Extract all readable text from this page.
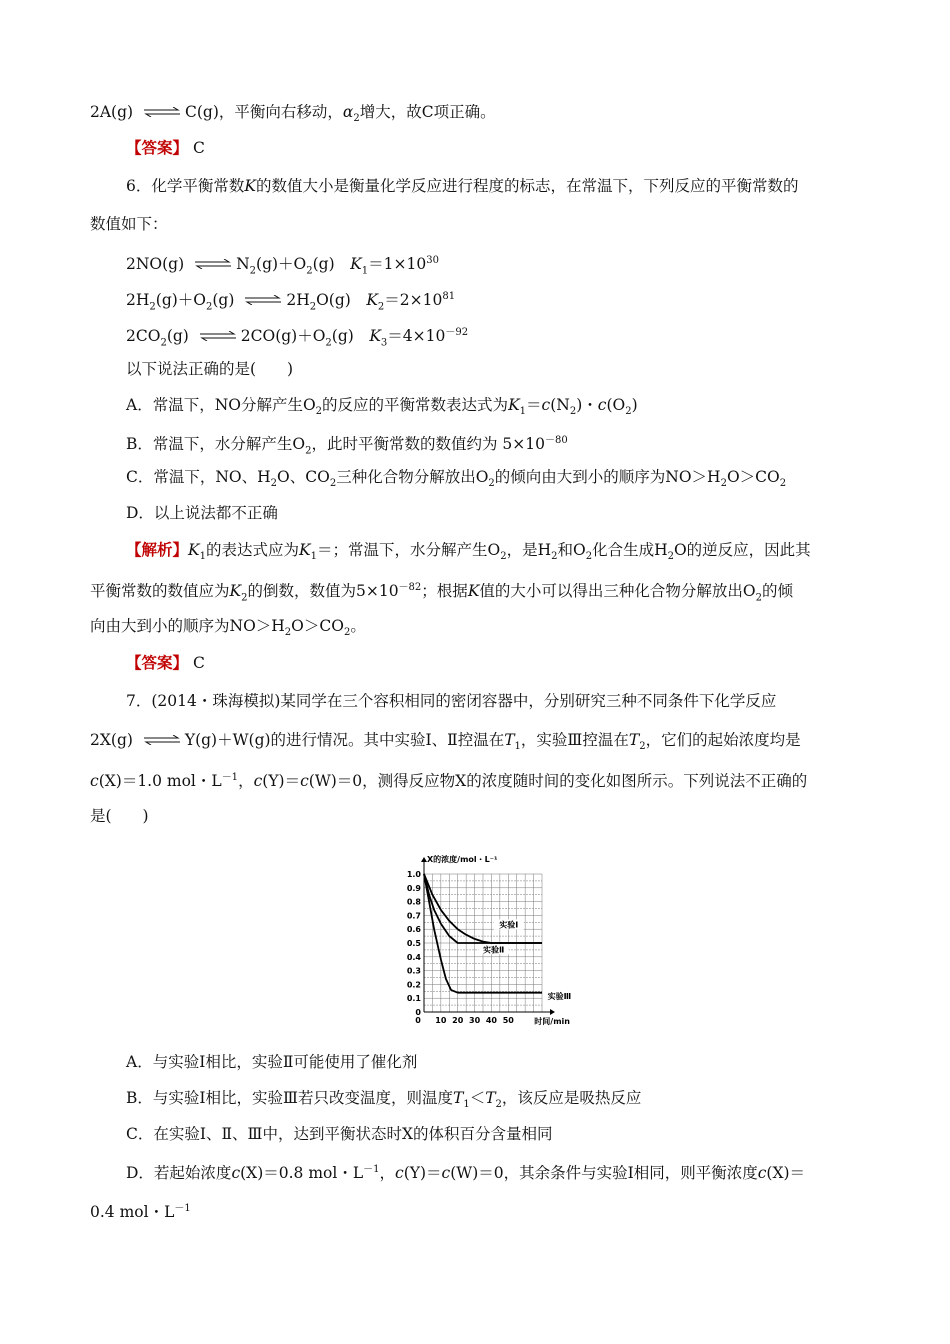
2A(g) ⇌ C(g)，平衡向右移动，$\alpha_2$增大，故C项正确。
【答案】 C
6．化学平衡常数K的数值大小是衡量化学反应进行程度的标志，在常温下，下列反应的平衡常数的
数值如下：
2NO(g) ⇌ $N_2(g)+O_2(g)$  $K_1=1\times 10^{30}$
$2H_2(g)+O_2(g)$ ⇌ $2H_2O(g)$  $K_2=2\times 10^{81}$
$2CO_2(g)$ ⇌ $2CO(g)+O_2(g)$  $K_3=4\times 10^{-92}$
以下说法正确的是(　　)
A．常温下，NO分解产生$O_2$的反应的平衡常数表达式为$K_1=c(N_2)$・$c(O_2)$
B．常温下，水分解产生$O_2$，此时平衡常数的数值约为 $5\times 10^{-80}$
C．常温下，NO、$H_2O$、$CO_2$三种化合物分解放出$O_2$的倾向由大到小的顺序为$NO>H_2O>CO_2$
D．以上说法都不正确
【解析】$K_1$的表达式应为$K_1=$；常温下，水分解产生$O_2$，是$H_2$和$O_2$化合生成$H_2O$的逆反应，因此其
平衡常数的数值应为$K_2$的倒数，数值为$5\times 10^{-82}$；根据K值的大小可以得出三种化合物分解放出$O_2$的倾
向由大到小的顺序为$NO>H_2O>CO_2$。
【答案】 C
7．(2014・珠海模拟)某同学在三个容积相同的密闭容器中，分别研究三种不同条件下化学反应
2X(g) ⇌ Y(g)＋W(g)的进行情况。其中实验Ⅰ、Ⅱ控温在$T_1$，实验Ⅲ控温在$T_2$，它们的起始浓度均是
c(X)＝1.0 mol・$L^{-1}$，c(Y)＝c(W)＝0，测得反应物X的浓度随时间的变化如图所示。下列说法不正确的
是(　　)
1.0
0.9
0.8
0.7
0.6
0.5
0.4
0.3
0.2
0.1
0
0 10 20 30 40 50
X的浓度/mol・L⁻¹
时间/min
实验Ⅰ
实验Ⅱ
实验Ⅲ
A．与实验Ⅰ相比，实验Ⅱ可能使用了催化剂
B．与实验Ⅰ相比，实验Ⅲ若只改变温度，则温度$T_1<T_2$，该反应是吸热反应
C．在实验Ⅰ、Ⅱ、Ⅲ中，达到平衡状态时X的体积百分含量相同
D．若起始浓度c(X)＝0.8 mol・$L^{-1}$，c(Y)＝c(W)＝0，其余条件与实验Ⅰ相同，则平衡浓度c(X)＝
0.4 mol・$L^{-1}$
